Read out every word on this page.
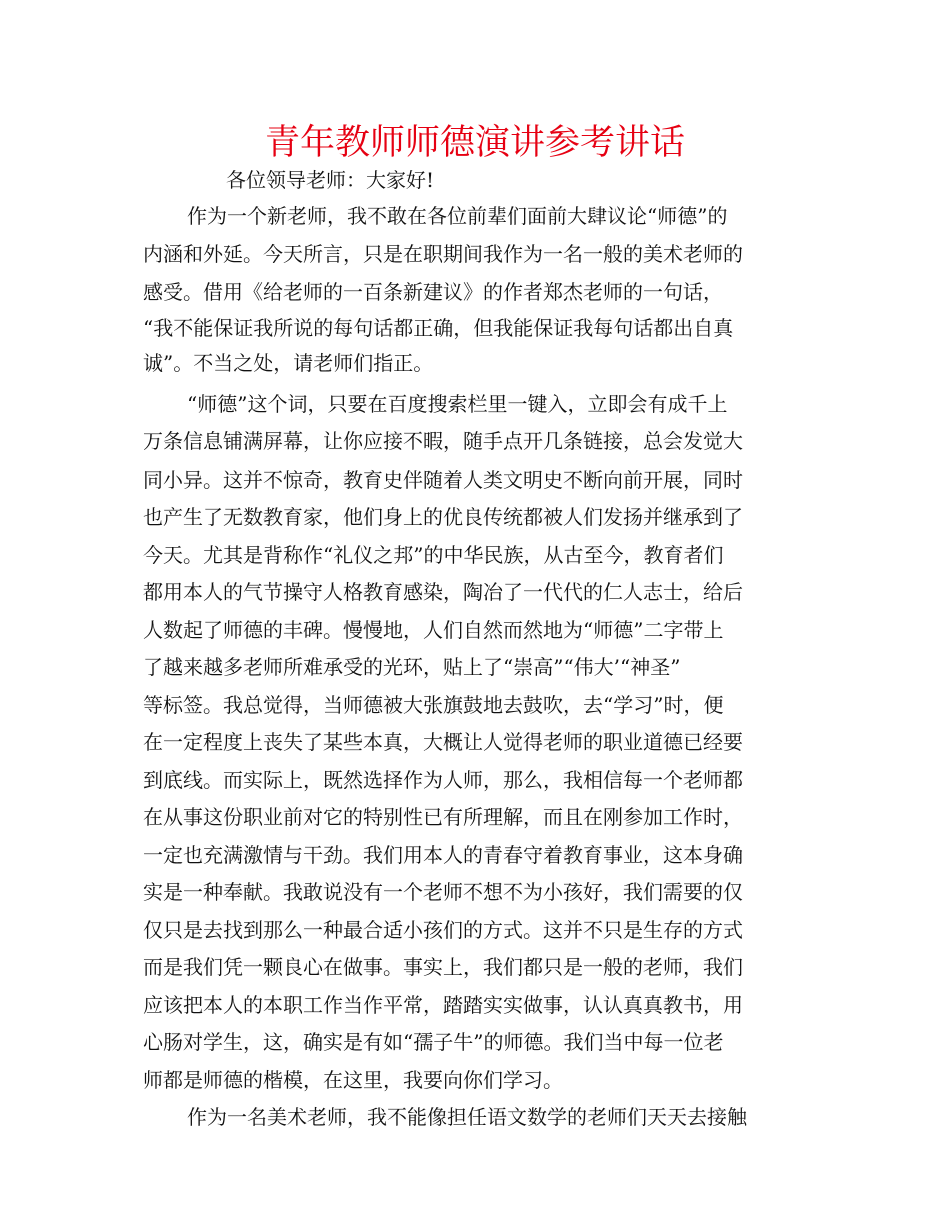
青年教师师德演讲参考讲话
各位领导老师：大家好!
作为一个新老师，我不敢在各位前辈们面前大肆议论“师德”的
内涵和外延。今天所言，只是在职期间我作为一名一般的美术老师的
感受。借用《给老师的一百条新建议》的作者郑杰老师的一句话，
“我不能保证我所说的每句话都正确，但我能保证我每句话都出自真
诚”。不当之处，请老师们指正。
“师德”这个词，只要在百度搜索栏里一键入，立即会有成千上
万条信息铺满屏幕，让你应接不暇，随手点开几条链接，总会发觉大
同小异。这并不惊奇，教育史伴随着人类文明史不断向前开展，同时
也产生了无数教育家，他们身上的优良传统都被人们发扬并继承到了
今天。尤其是背称作“礼仪之邦”的中华民族，从古至今，教育者们
都用本人的气节操守人格教育感染，陶冶了一代代的仁人志士，给后
人数起了师德的丰碑。慢慢地，人们自然而然地为“师德”二字带上
了越来越多老师所难承受的光环，贴上了“崇高”“伟大’“神圣”
等标签。我总觉得，当师德被大张旗鼓地去鼓吹，去“学习”时，便
在一定程度上丧失了某些本真，大概让人觉得老师的职业道德已经要
到底线。而实际上，既然选择作为人师，那么，我相信每一个老师都
在从事这份职业前对它的特别性已有所理解，而且在刚参加工作时，
一定也充满激情与干劲。我们用本人的青春守着教育事业，这本身确
实是一种奉献。我敢说没有一个老师不想不为小孩好，我们需要的仅
仅只是去找到那么一种最合适小孩们的方式。这并不只是生存的方式
而是我们凭一颗良心在做事。事实上，我们都只是一般的老师，我们
应该把本人的本职工作当作平常，踏踏实实做事，认认真真教书，用
心肠对学生，这，确实是有如“孺子牛”的师德。我们当中每一位老
师都是师德的楷模，在这里，我要向你们学习。
作为一名美术老师，我不能像担任语文数学的老师们天天去接触
